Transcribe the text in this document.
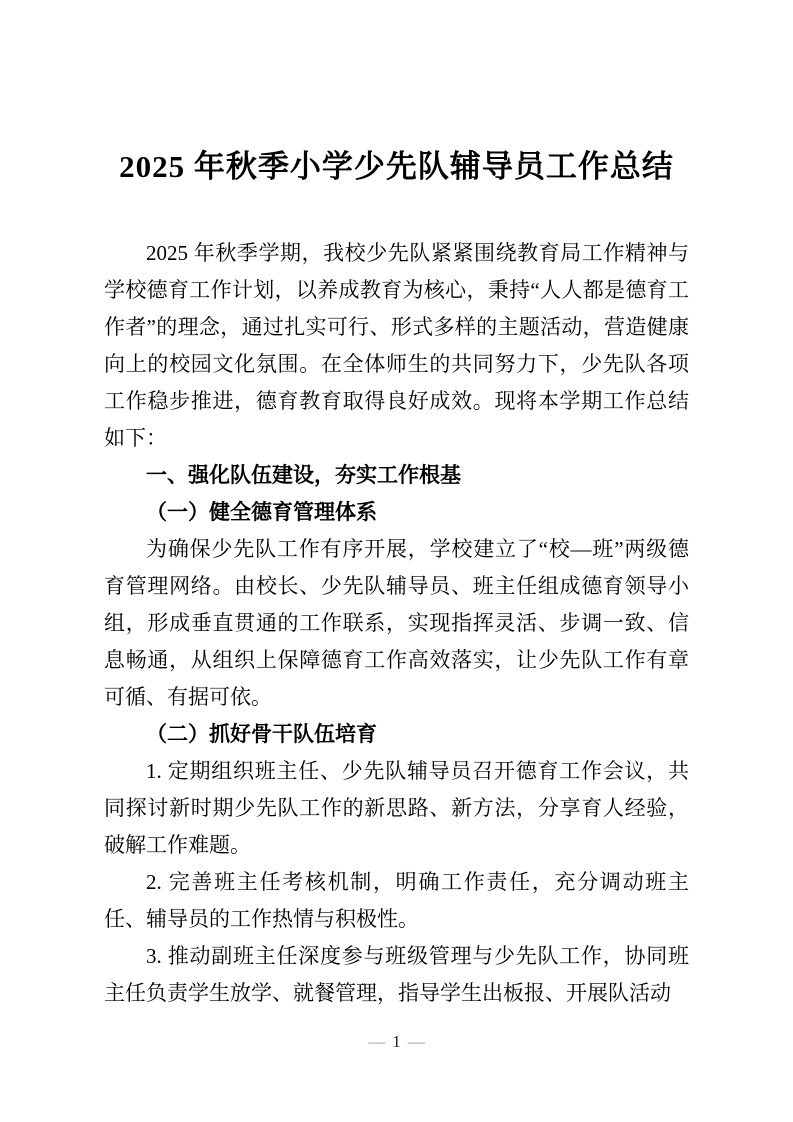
2025 年秋季小学少先队辅导员工作总结

2025 年秋季学期，我校少先队紧紧围绕教育局工作精神与学校德育工作计划，以养成教育为核心，秉持“人人都是德育工作者”的理念，通过扎实可行、形式多样的主题活动，营造健康向上的校园文化氛围。在全体师生的共同努力下，少先队各项工作稳步推进，德育教育取得良好成效。现将本学期工作总结如下：

一、强化队伍建设，夯实工作根基

（一）健全德育管理体系

为确保少先队工作有序开展，学校建立了“校—班”两级德育管理网络。由校长、少先队辅导员、班主任组成德育领导小组，形成垂直贯通的工作联系，实现指挥灵活、步调一致、信息畅通，从组织上保障德育工作高效落实，让少先队工作有章可循、有据可依。

（二）抓好骨干队伍培育

1. 定期组织班主任、少先队辅导员召开德育工作会议，共同探讨新时期少先队工作的新思路、新方法，分享育人经验，破解工作难题。

2. 完善班主任考核机制，明确工作责任，充分调动班主任、辅导员的工作热情与积极性。

3. 推动副班主任深度参与班级管理与少先队工作，协同班主任负责学生放学、就餐管理，指导学生出板报、开展队活动

— 1 —
